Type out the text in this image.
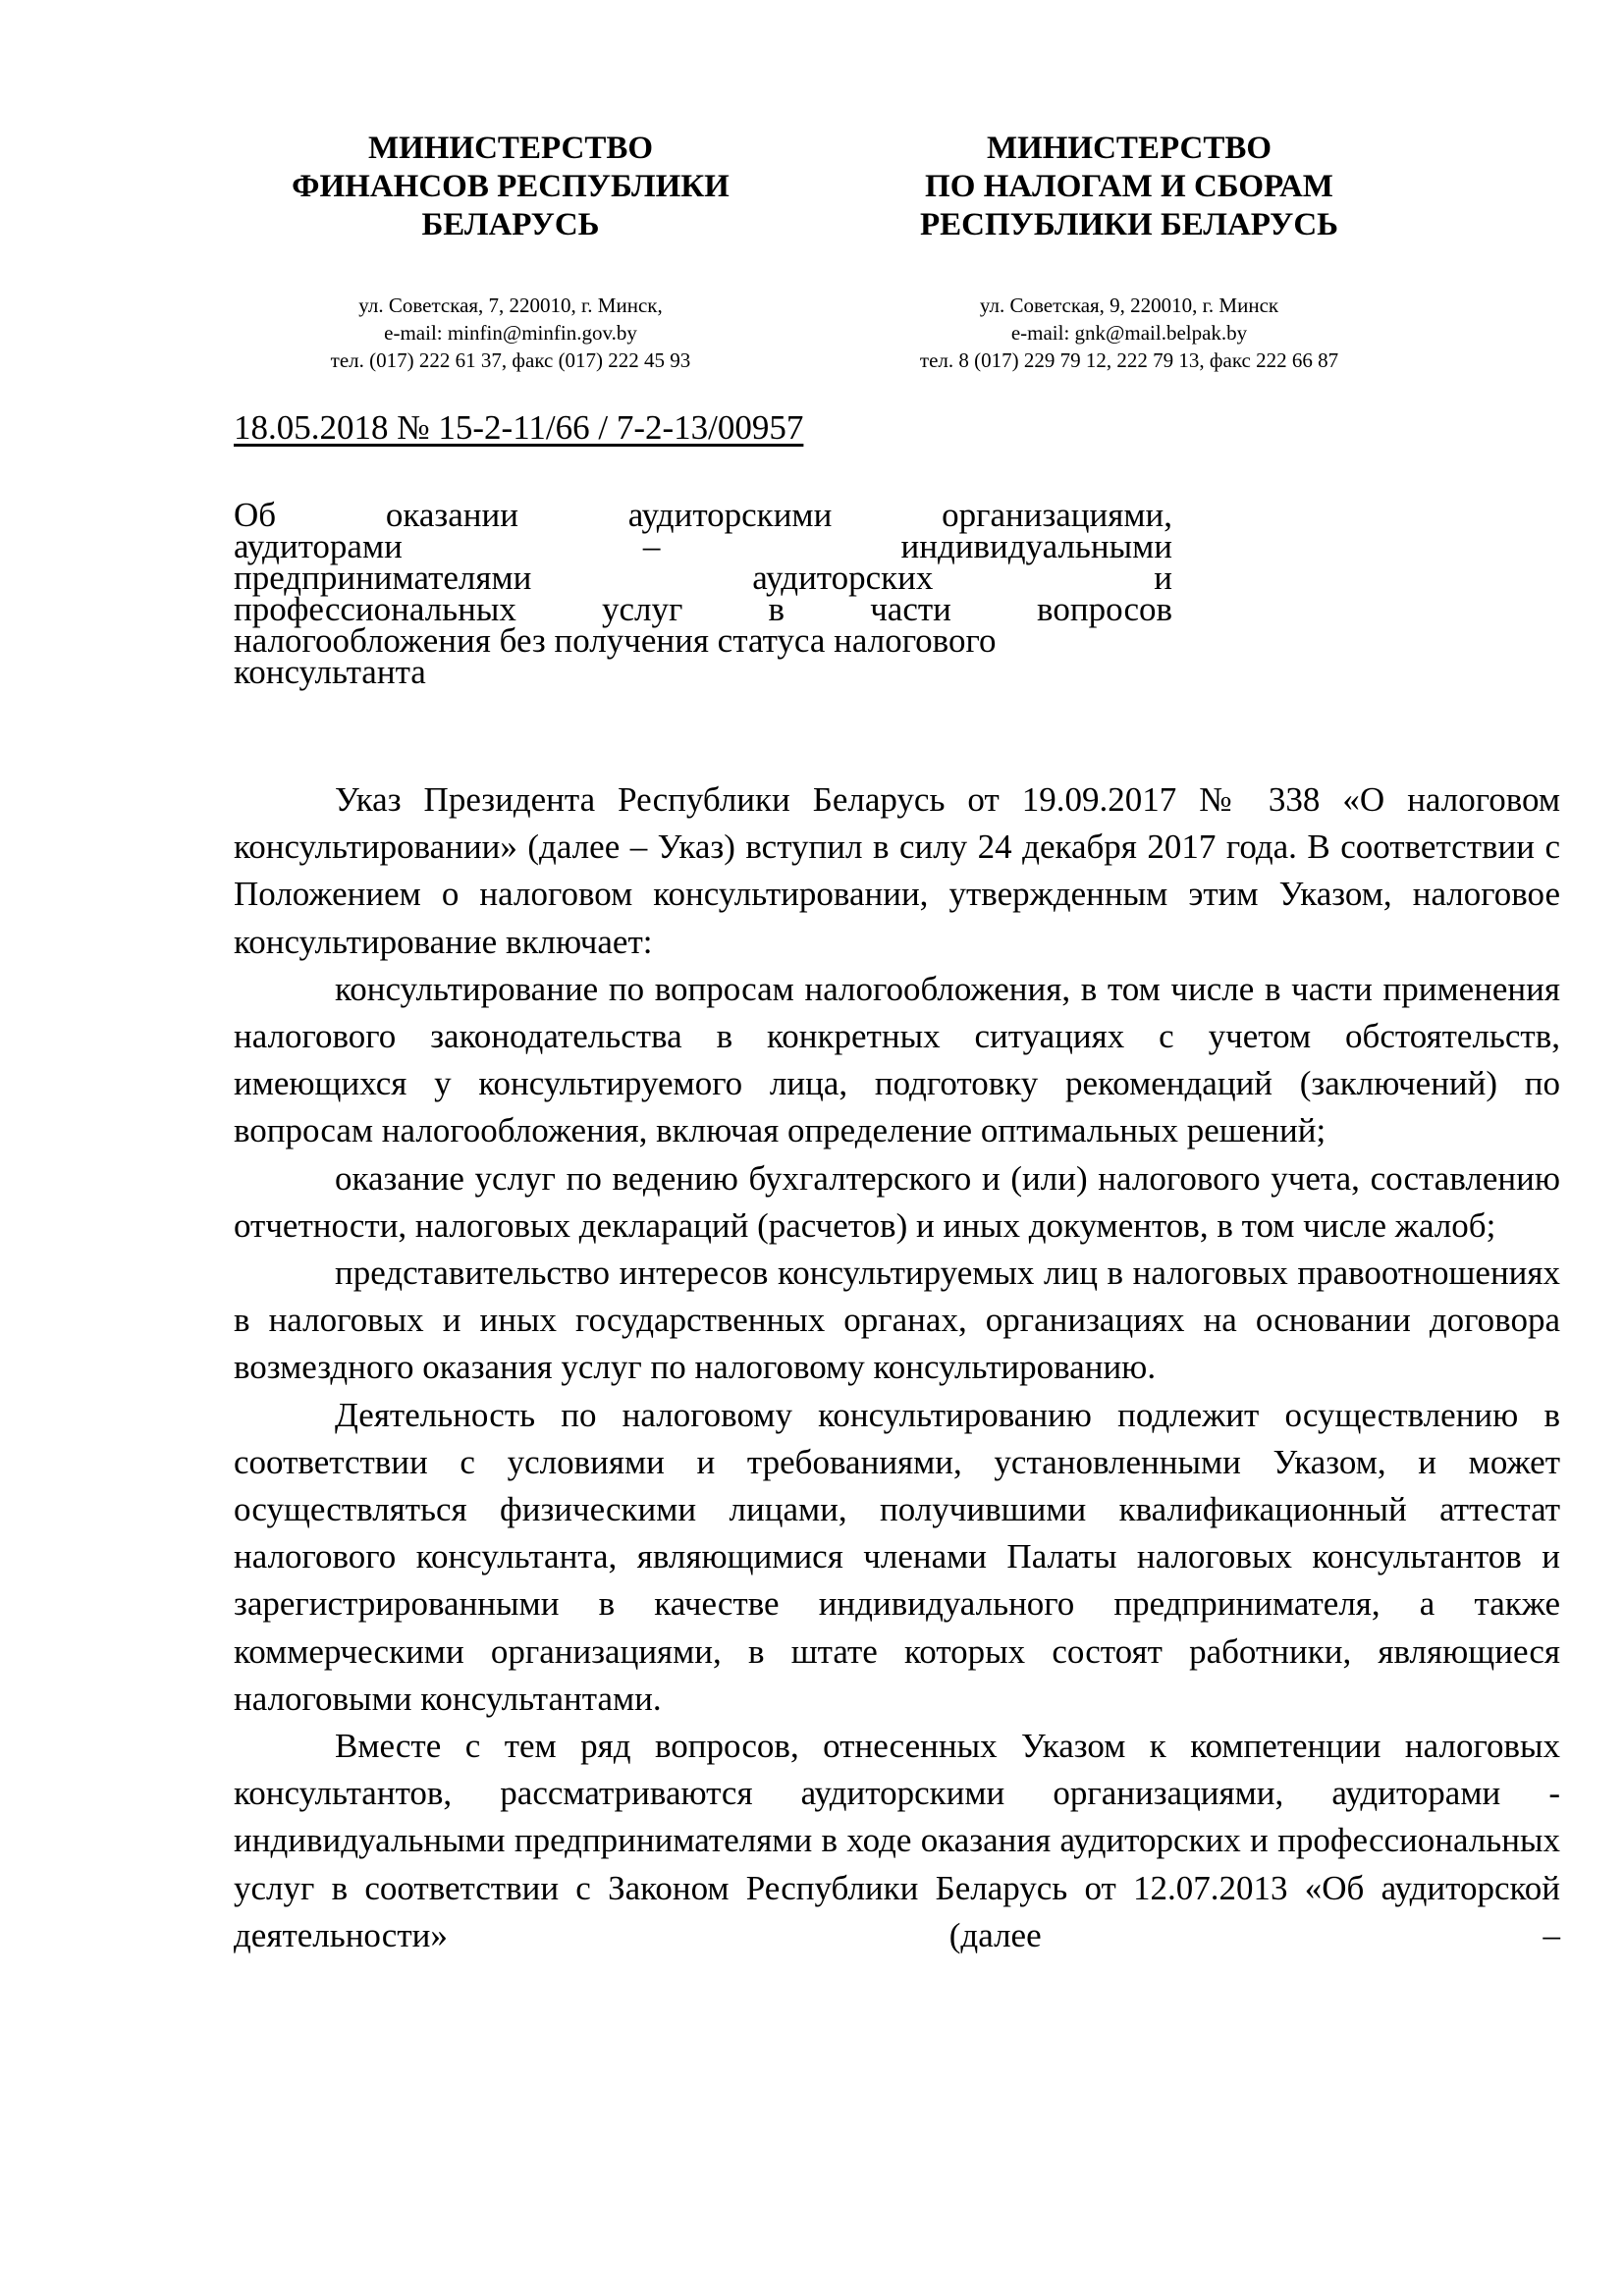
МИНИСТЕРСТВО
ФИНАНСОВ РЕСПУБЛИКИ
БЕЛАРУСЬ
ул. Советская, 7, 220010, г. Минск,
e-mail: minfin@minfin.gov.by
тел. (017) 222 61 37, факс (017) 222 45 93
МИНИСТЕРСТВО
ПО НАЛОГАМ И СБОРАМ
РЕСПУБЛИКИ БЕЛАРУСЬ
ул. Советская, 9, 220010, г. Минск
e-mail: gnk@mail.belpak.by
тел. 8 (017) 229 79 12, 222 79 13, факс 222 66 87
18.05.2018 № 15-2-11/66 / 7-2-13/00957
Об оказании аудиторскими организациями,
аудиторами – индивидуальными
предпринимателями аудиторских и
профессиональных услуг в части вопросов
налогообложения без получения статуса налогового
консультанта

Указ Президента Республики Беларусь от 19.09.2017 № 338 «О налоговом консультировании» (далее – Указ) вступил в силу 24 декабря 2017 года. В соответствии с Положением о налоговом консультировании, утвержденным этим Указом, налоговое консультирование включает:

консультирование по вопросам налогообложения, в том числе в части применения налогового законодательства в конкретных ситуациях с учетом обстоятельств, имеющихся у консультируемого лица, подготовку рекомендаций (заключений) по вопросам налогообложения, включая определение оптимальных решений;

оказание услуг по ведению бухгалтерского и (или) налогового учета, составлению отчетности, налоговых деклараций (расчетов) и иных документов, в том числе жалоб;

представительство интересов консультируемых лиц в налоговых правоотношениях в налоговых и иных государственных органах, организациях на основании договора возмездного оказания услуг по налоговому консультированию.

Деятельность по налоговому консультированию подлежит осуществлению в соответствии с условиями и требованиями, установленными Указом, и может осуществляться физическими лицами, получившими квалификационный аттестат налогового консультанта, являющимися членами Палаты налоговых консультантов и зарегистрированными в качестве индивидуального предпринимателя, а также коммерческими организациями, в штате которых состоят работники, являющиеся налоговыми консультантами.

Вместе с тем ряд вопросов, отнесенных Указом к компетенции налоговых консультантов, рассматриваются аудиторскими организациями, аудиторами - индивидуальными предпринимателями в ходе оказания аудиторских и профессиональных услуг в соответствии с Законом Республики Беларусь от 12.07.2013 «Об аудиторской деятельности» (далее –
